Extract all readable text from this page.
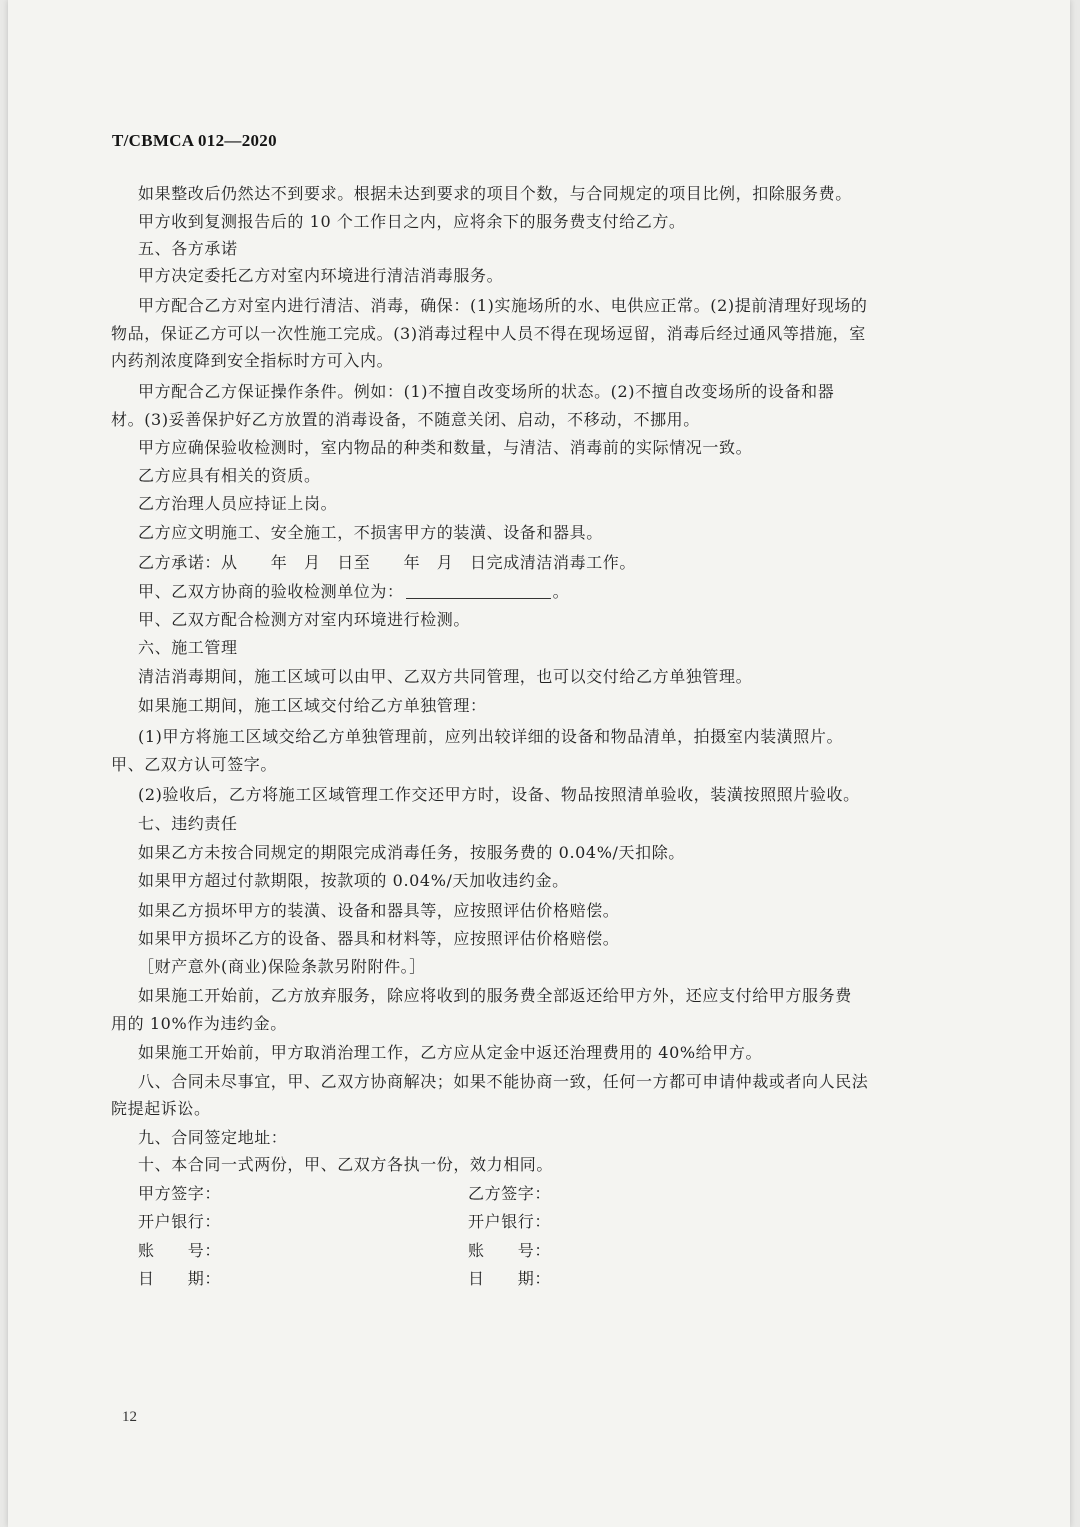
T/CBMCA 012—2020
如果整改后仍然达不到要求。根据未达到要求的项目个数，与合同规定的项目比例，扣除服务费。
甲方收到复测报告后的 10 个工作日之内，应将余下的服务费支付给乙方。
五、各方承诺
甲方决定委托乙方对室内环境进行清洁消毒服务。
甲方配合乙方对室内进行清洁、消毒，确保：(1)实施场所的水、电供应正常。(2)提前清理好现场的
物品，保证乙方可以一次性施工完成。(3)消毒过程中人员不得在现场逗留，消毒后经过通风等措施，室
内药剂浓度降到安全指标时方可入内。
甲方配合乙方保证操作条件。例如：(1)不擅自改变场所的状态。(2)不擅自改变场所的设备和器
材。(3)妥善保护好乙方放置的消毒设备，不随意关闭、启动，不移动，不挪用。
甲方应确保验收检测时，室内物品的种类和数量，与清洁、消毒前的实际情况一致。
乙方应具有相关的资质。
乙方治理人员应持证上岗。
乙方应文明施工、安全施工，不损害甲方的装潢、设备和器具。
乙方承诺：从　　年　月　日至　　年　月　日完成清洁消毒工作。
甲、乙双方协商的验收检测单位为：	。
甲、乙双方配合检测方对室内环境进行检测。
六、施工管理
清洁消毒期间，施工区域可以由甲、乙双方共同管理，也可以交付给乙方单独管理。
如果施工期间，施工区域交付给乙方单独管理：
(1)甲方将施工区域交给乙方单独管理前，应列出较详细的设备和物品清单，拍摄室内装潢照片。
甲、乙双方认可签字。
(2)验收后，乙方将施工区域管理工作交还甲方时，设备、物品按照清单验收，装潢按照照片验收。
七、违约责任
如果乙方未按合同规定的期限完成消毒任务，按服务费的 0.04%/天扣除。
如果甲方超过付款期限，按款项的 0.04%/天加收违约金。
如果乙方损坏甲方的装潢、设备和器具等，应按照评估价格赔偿。
如果甲方损坏乙方的设备、器具和材料等，应按照评估价格赔偿。
［财产意外(商业)保险条款另附附件。］
如果施工开始前，乙方放弃服务，除应将收到的服务费全部返还给甲方外，还应支付给甲方服务费
用的 10%作为违约金。
如果施工开始前，甲方取消治理工作，乙方应从定金中返还治理费用的 40%给甲方。
八、合同未尽事宜，甲、乙双方协商解决；如果不能协商一致，任何一方都可申请仲裁或者向人民法
院提起诉讼。
九、合同签定地址：
十、本合同一式两份，甲、乙双方各执一份，效力相同。
甲方签字：	乙方签字：
开户银行：	开户银行：
账　　号：	账　　号：
日　　期：	日　　期：
12
